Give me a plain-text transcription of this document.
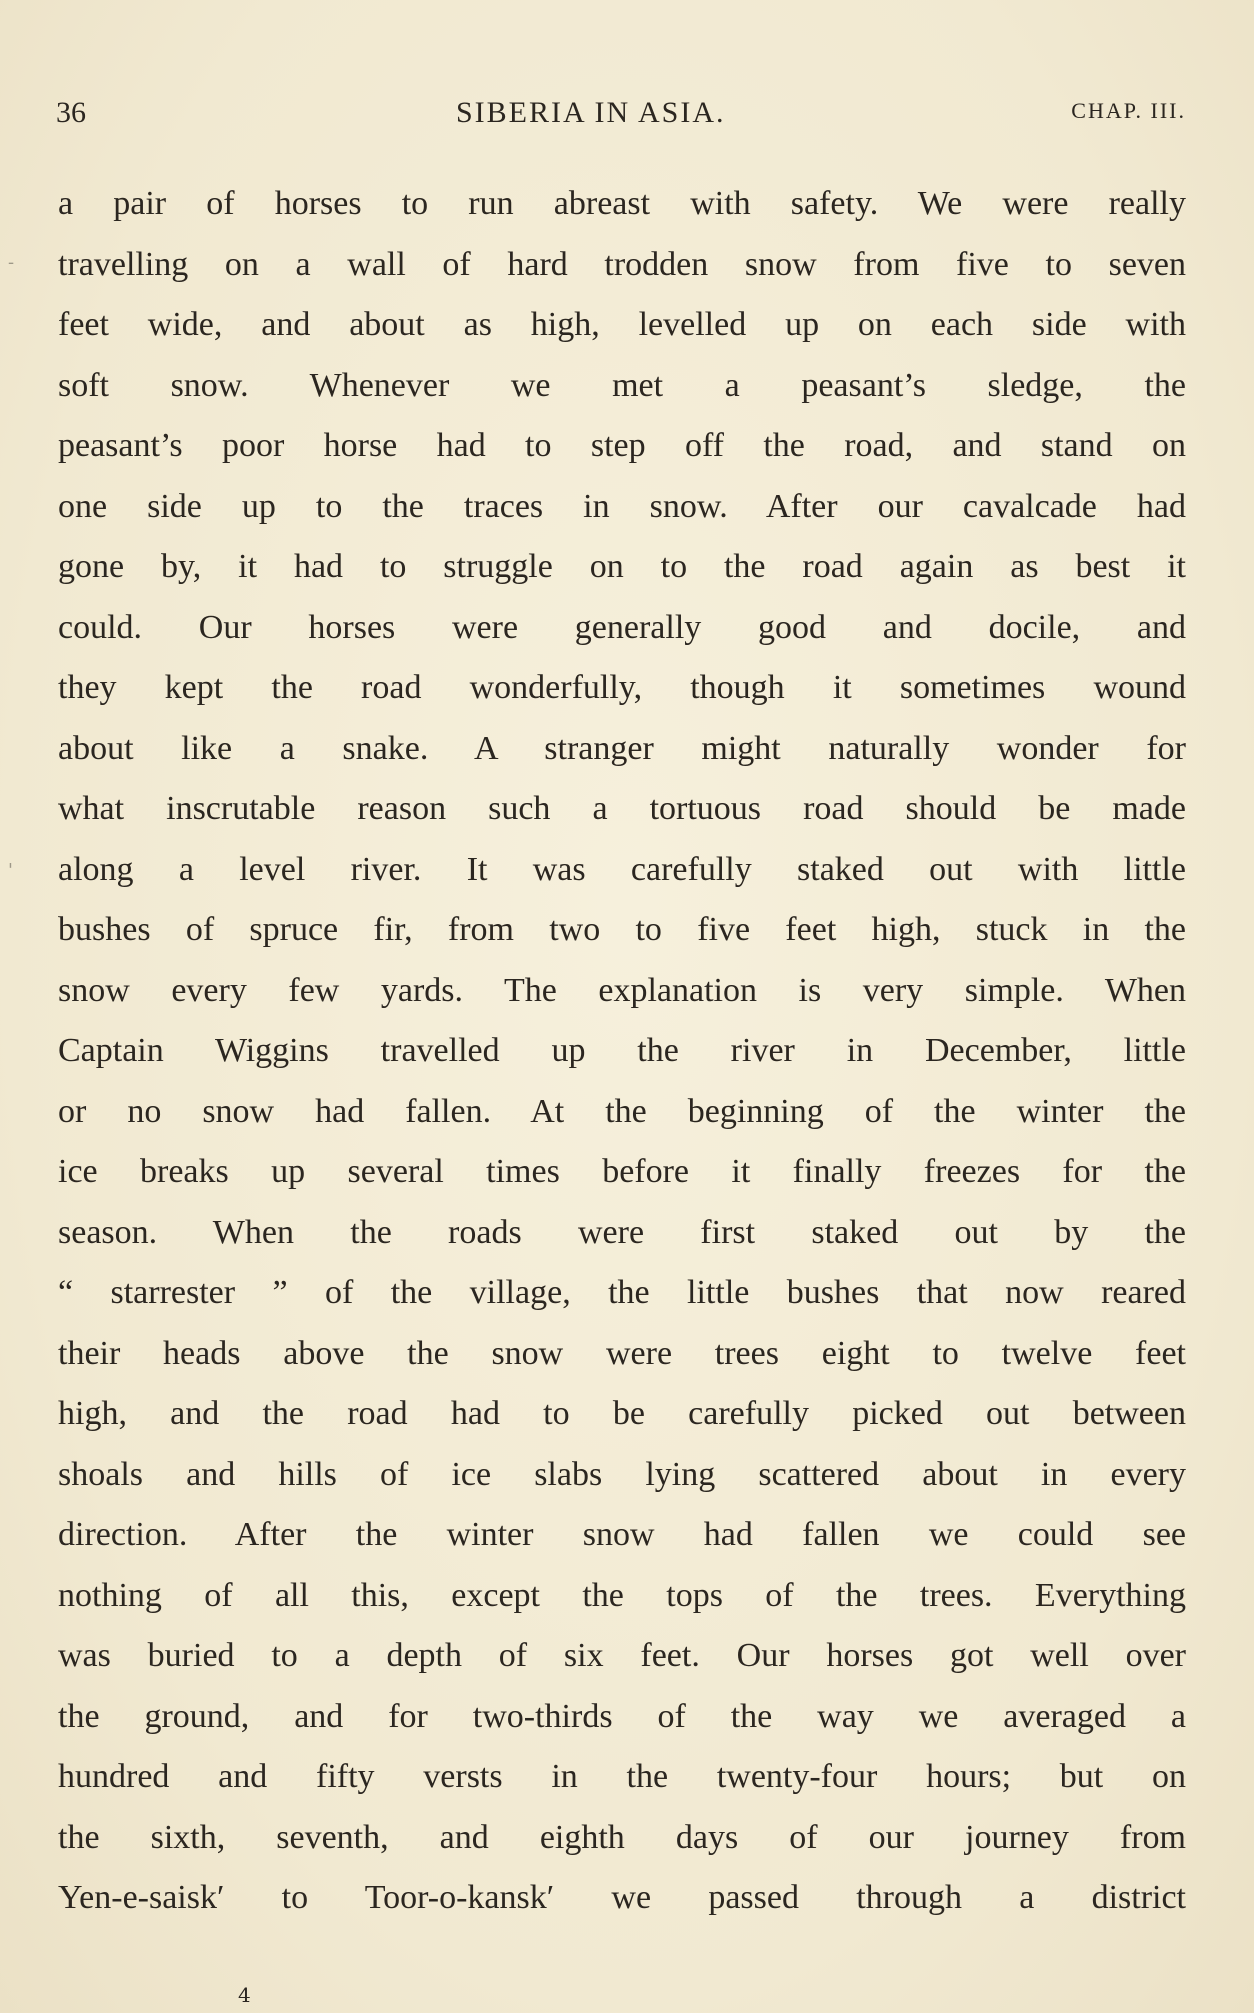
36	SIBERIA IN ASIA.	CHAP. III.
-
'
a pair of horses to run abreast with safety. We were really
travelling on a wall of hard trodden snow from five to seven
feet wide, and about as high, levelled up on each side with
soft snow. Whenever we met a peasant’s sledge, the
peasant’s poor horse had to step off the road, and stand on
one side up to the traces in snow. After our cavalcade had
gone by, it had to struggle on to the road again as best it
could. Our horses were generally good and docile, and
they kept the road wonderfully, though it sometimes wound
about like a snake. A stranger might naturally wonder for
what inscrutable reason such a tortuous road should be made
along a level river. It was carefully staked out with little
bushes of spruce fir, from two to five feet high, stuck in the
snow every few yards. The explanation is very simple. When
Captain Wiggins travelled up the river in December, little
or no snow had fallen. At the beginning of the winter the
ice breaks up several times before it finally freezes for the
season. When the roads were first staked out by the
“ starrester ” of the village, the little bushes that now reared
their heads above the snow were trees eight to twelve feet
high, and the road had to be carefully picked out between
shoals and hills of ice slabs lying scattered about in every
direction. After the winter snow had fallen we could see
nothing of all this, except the tops of the trees. Everything
was buried to a depth of six feet. Our horses got well over
the ground, and for two-thirds of the way we averaged a
hundred and fifty versts in the twenty-four hours; but on
the sixth, seventh, and eighth days of our journey from
Yen-e-saisk′ to Toor-o-kansk′ we passed through a district
4
